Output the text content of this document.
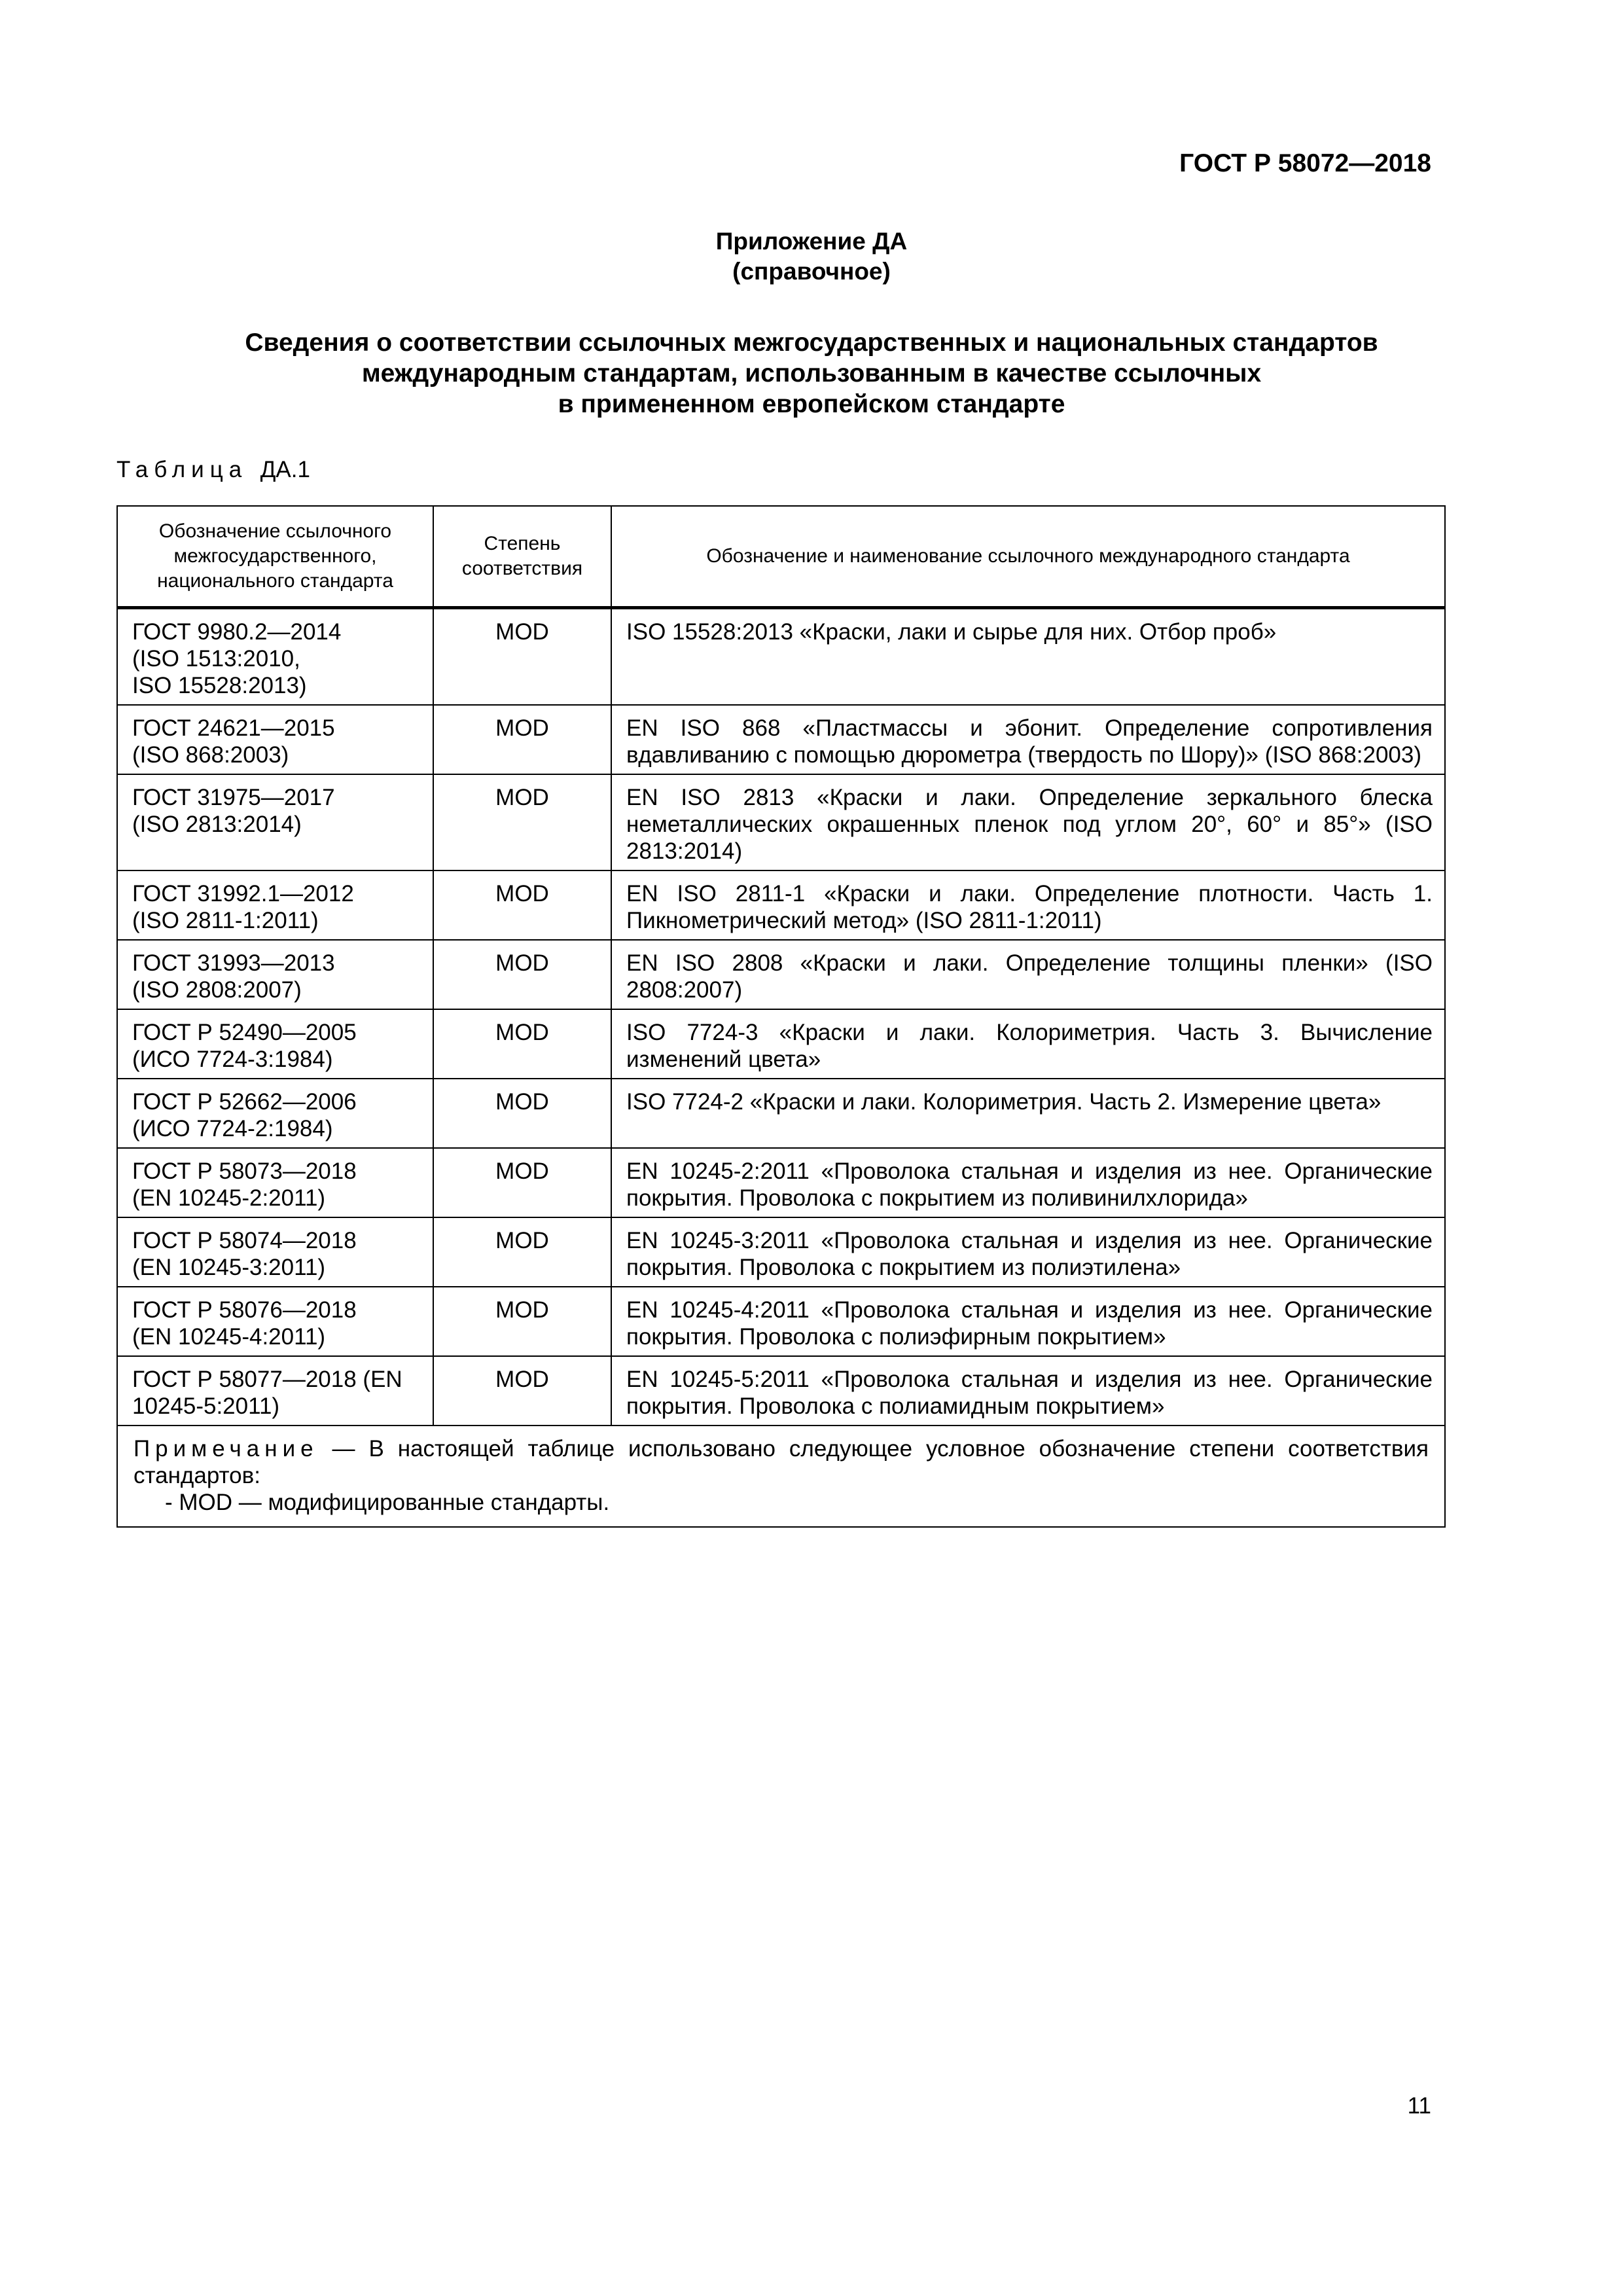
ГОСТ Р 58072—2018
Приложение ДА
(справочное)
Сведения о соответствии ссылочных межгосударственных и национальных стандартов
международным стандартам, использованным в качестве ссылочных
в примененном европейском стандарте
Таблица ДА.1
Обозначение ссылочного межгосударственного, национального стандарта	Степень соответствия	Обозначение и наименование ссылочного международного стандарта

ГОСТ 9980.2—2014
(ISO 1513:2010,
ISO 15528:2013)	MOD	ISO 15528:2013 «Краски, лаки и сырье для них. Отбор проб»

ГОСТ 24621—2015
(ISO 868:2003)	MOD	EN ISO 868 «Пластмассы и эбонит. Определение сопротивления вдавливанию с помощью дюрометра (твердость по Шору)» (ISO 868:2003)

ГОСТ 31975—2017
(ISO 2813:2014)	MOD	EN ISO 2813 «Краски и лаки. Определение зеркального блеска неметаллических окрашенных пленок под углом 20°, 60° и 85°» (ISO 2813:2014)

ГОСТ 31992.1—2012
(ISO 2811-1:2011)	MOD	EN ISO 2811-1 «Краски и лаки. Определение плотности. Часть 1. Пикнометрический метод» (ISO 2811-1:2011)

ГОСТ 31993—2013
(ISO 2808:2007)	MOD	EN ISO 2808 «Краски и лаки. Определение толщины пленки» (ISO 2808:2007)

ГОСТ Р 52490—2005
(ИСО 7724-3:1984)	MOD	ISO 7724-3 «Краски и лаки. Колориметрия. Часть 3. Вычисление изменений цвета»

ГОСТ Р 52662—2006
(ИСО 7724-2:1984)	MOD	ISO 7724-2 «Краски и лаки. Колориметрия. Часть 2. Измерение цвета»

ГОСТ Р 58073—2018
(EN 10245-2:2011)	MOD	EN 10245-2:2011 «Проволока стальная и изделия из нее. Органические покрытия. Проволока с покрытием из поливинилхлорида»

ГОСТ Р 58074—2018
(EN 10245-3:2011)	MOD	EN 10245-3:2011 «Проволока стальная и изделия из нее. Органические покрытия. Проволока с покрытием из полиэтилена»

ГОСТ Р 58076—2018
(EN 10245-4:2011)	MOD	EN 10245-4:2011 «Проволока стальная и изделия из нее. Органические покрытия. Проволока с полиэфирным покрытием»

ГОСТ Р 58077—2018 (EN 10245-5:2011)	MOD	EN 10245-5:2011 «Проволока стальная и изделия из нее. Органические покрытия. Проволока с полиамидным покрытием»
Примечание — В настоящей таблице использовано следующее условное обозначение степени соответствия стандартов:
- MOD — модифицированные стандарты.		
11
